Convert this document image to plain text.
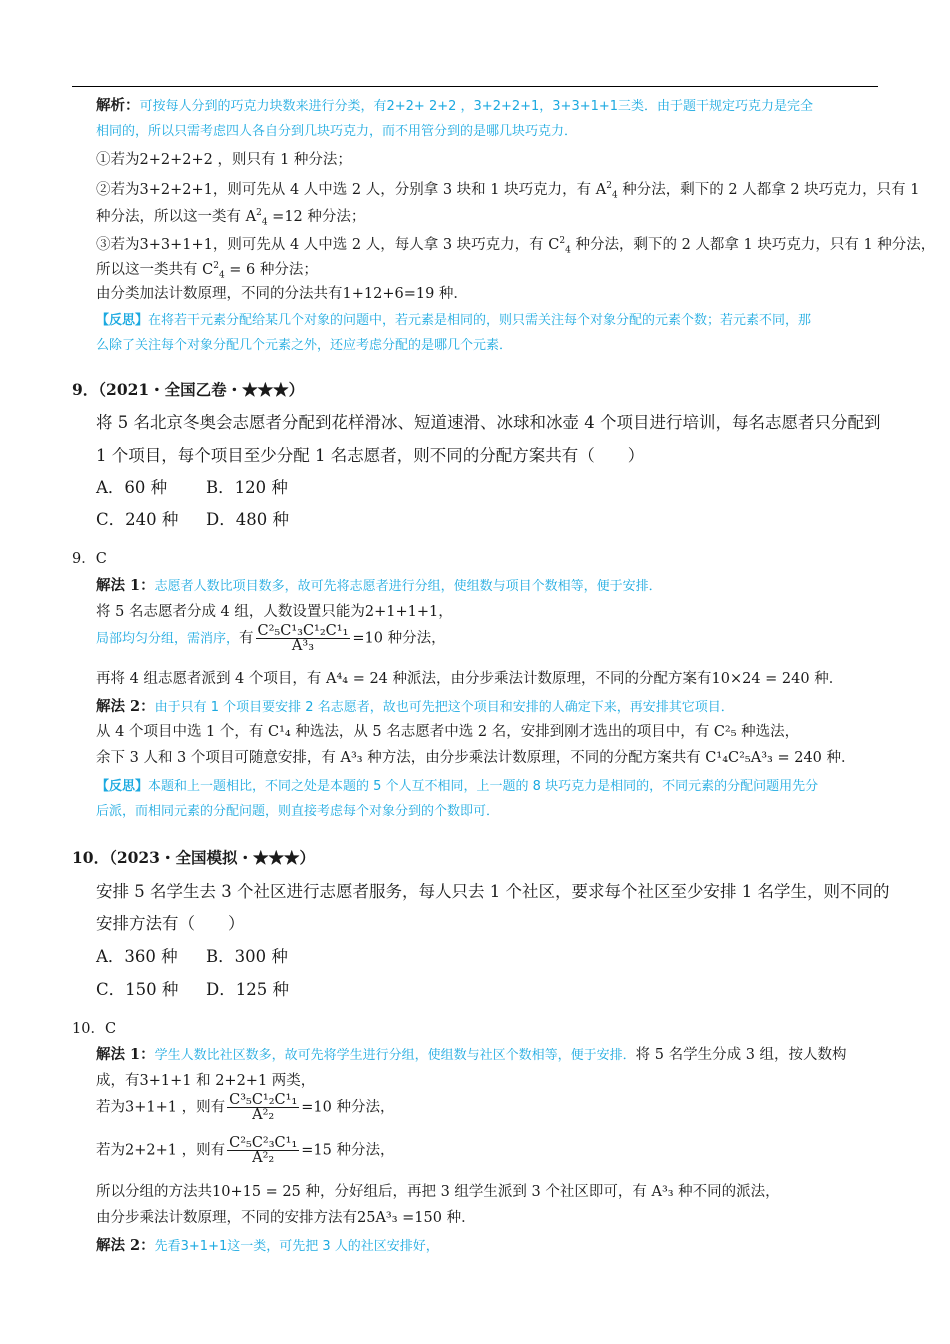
解析：可按每人分到的巧克力块数来进行分类，有2+2+ 2+2 ，3+2+2+1，3+3+1+1三类．由于题干规定巧克力是完全
相同的，所以只需考虑四人各自分到几块巧克力，而不用管分到的是哪几块巧克力．
①若为2+2+2+2 ，则只有 1 种分法；
②若为3+2+2+1，则可先从 4 人中选 2 人，分别拿 3 块和 1 块巧克力，有 $A^2_4$ 种分法，剩下的 2 人都拿 2 块巧克力，只有 1
种分法，所以这一类有 $A^2_4 =12$ 种分法；
③若为3+3+1+1，则可先从 4 人中选 2 人，每人拿 3 块巧克力，有 $C^2_4$ 种分法，剩下的 2 人都拿 1 块巧克力，只有 1 种分法，
所以这一类共有 $C^2_4 = 6$ 种分法；
由分类加法计数原理，不同的分法共有1+12+6=19 种．
【反思】在将若干元素分配给某几个对象的问题中，若元素是相同的，则只需关注每个对象分配的元素个数；若元素不同，那
么除了关注每个对象分配几个元素之外，还应考虑分配的是哪几个元素．
9．（2021・全国乙卷・★★★）
将 5 名北京冬奥会志愿者分配到花样滑冰、短道速滑、冰球和冰壶 4 个项目进行培训，每名志愿者只分配到
1 个项目，每个项目至少分配 1 名志愿者，则不同的分配方案共有（　　）
A．60 种 B．120 种
C．240 种 D．480 种
9．C
解法 1：志愿者人数比项目数多，故可先将志愿者进行分组，使组数与项目个数相等，便于安排．
将 5 名志愿者分成 4 组，人数设置只能为2+1+1+1，
局部均匀分组，需消序，有 $\frac{\text{C²₅C¹₃C¹₂C¹₁}}{\text{A³₃}} =10$ 种分法，
再将 4 组志愿者派到 4 个项目，有 A⁴₄ = 24 种派法，由分步乘法计数原理，不同的分配方案有10×24 = 240 种．
解法 2：由于只有 1 个项目要安排 2 名志愿者，故也可先把这个项目和安排的人确定下来，再安排其它项目．
从 4 个项目中选 1 个，有 C¹₄ 种选法，从 5 名志愿者中选 2 名，安排到刚才选出的项目中，有 C²₅ 种选法，
余下 3 人和 3 个项目可随意安排，有 A³₃ 种方法，由分步乘法计数原理，不同的分配方案共有 C¹₄C²₅A³₃ = 240 种．
【反思】本题和上一题相比，不同之处是本题的 5 个人互不相同，上一题的 8 块巧克力是相同的，不同元素的分配问题用先分
后派，而相同元素的分配问题，则直接考虑每个对象分到的个数即可．
10．（2023・全国模拟・★★★）
安排 5 名学生去 3 个社区进行志愿者服务，每人只去 1 个社区，要求每个社区至少安排 1 名学生，则不同的
安排方法有（　　）
A．360 种 B．300 种
C．150 种 D．125 种
10．C
解法 1：学生人数比社区数多，故可先将学生进行分组，使组数与社区个数相等，便于安排．将 5 名学生分成 3 组，按人数构
成，有3+1+1 和 2+2+1 两类，
若为3+1+1 ，则有 $\frac{\text{C³₅C¹₂C¹₁}}{\text{A²₂}} =10$ 种分法，
若为2+2+1 ，则有 $\frac{\text{C²₅C²₃C¹₁}}{\text{A²₂}} =15$ 种分法，
所以分组的方法共10+15 = 25 种，分好组后，再把 3 组学生派到 3 个社区即可，有 A³₃ 种不同的派法，
由分步乘法计数原理，不同的安排方法有25A³₃ =150 种．
解法 2：先看3+1+1这一类，可先把 3 人的社区安排好，
